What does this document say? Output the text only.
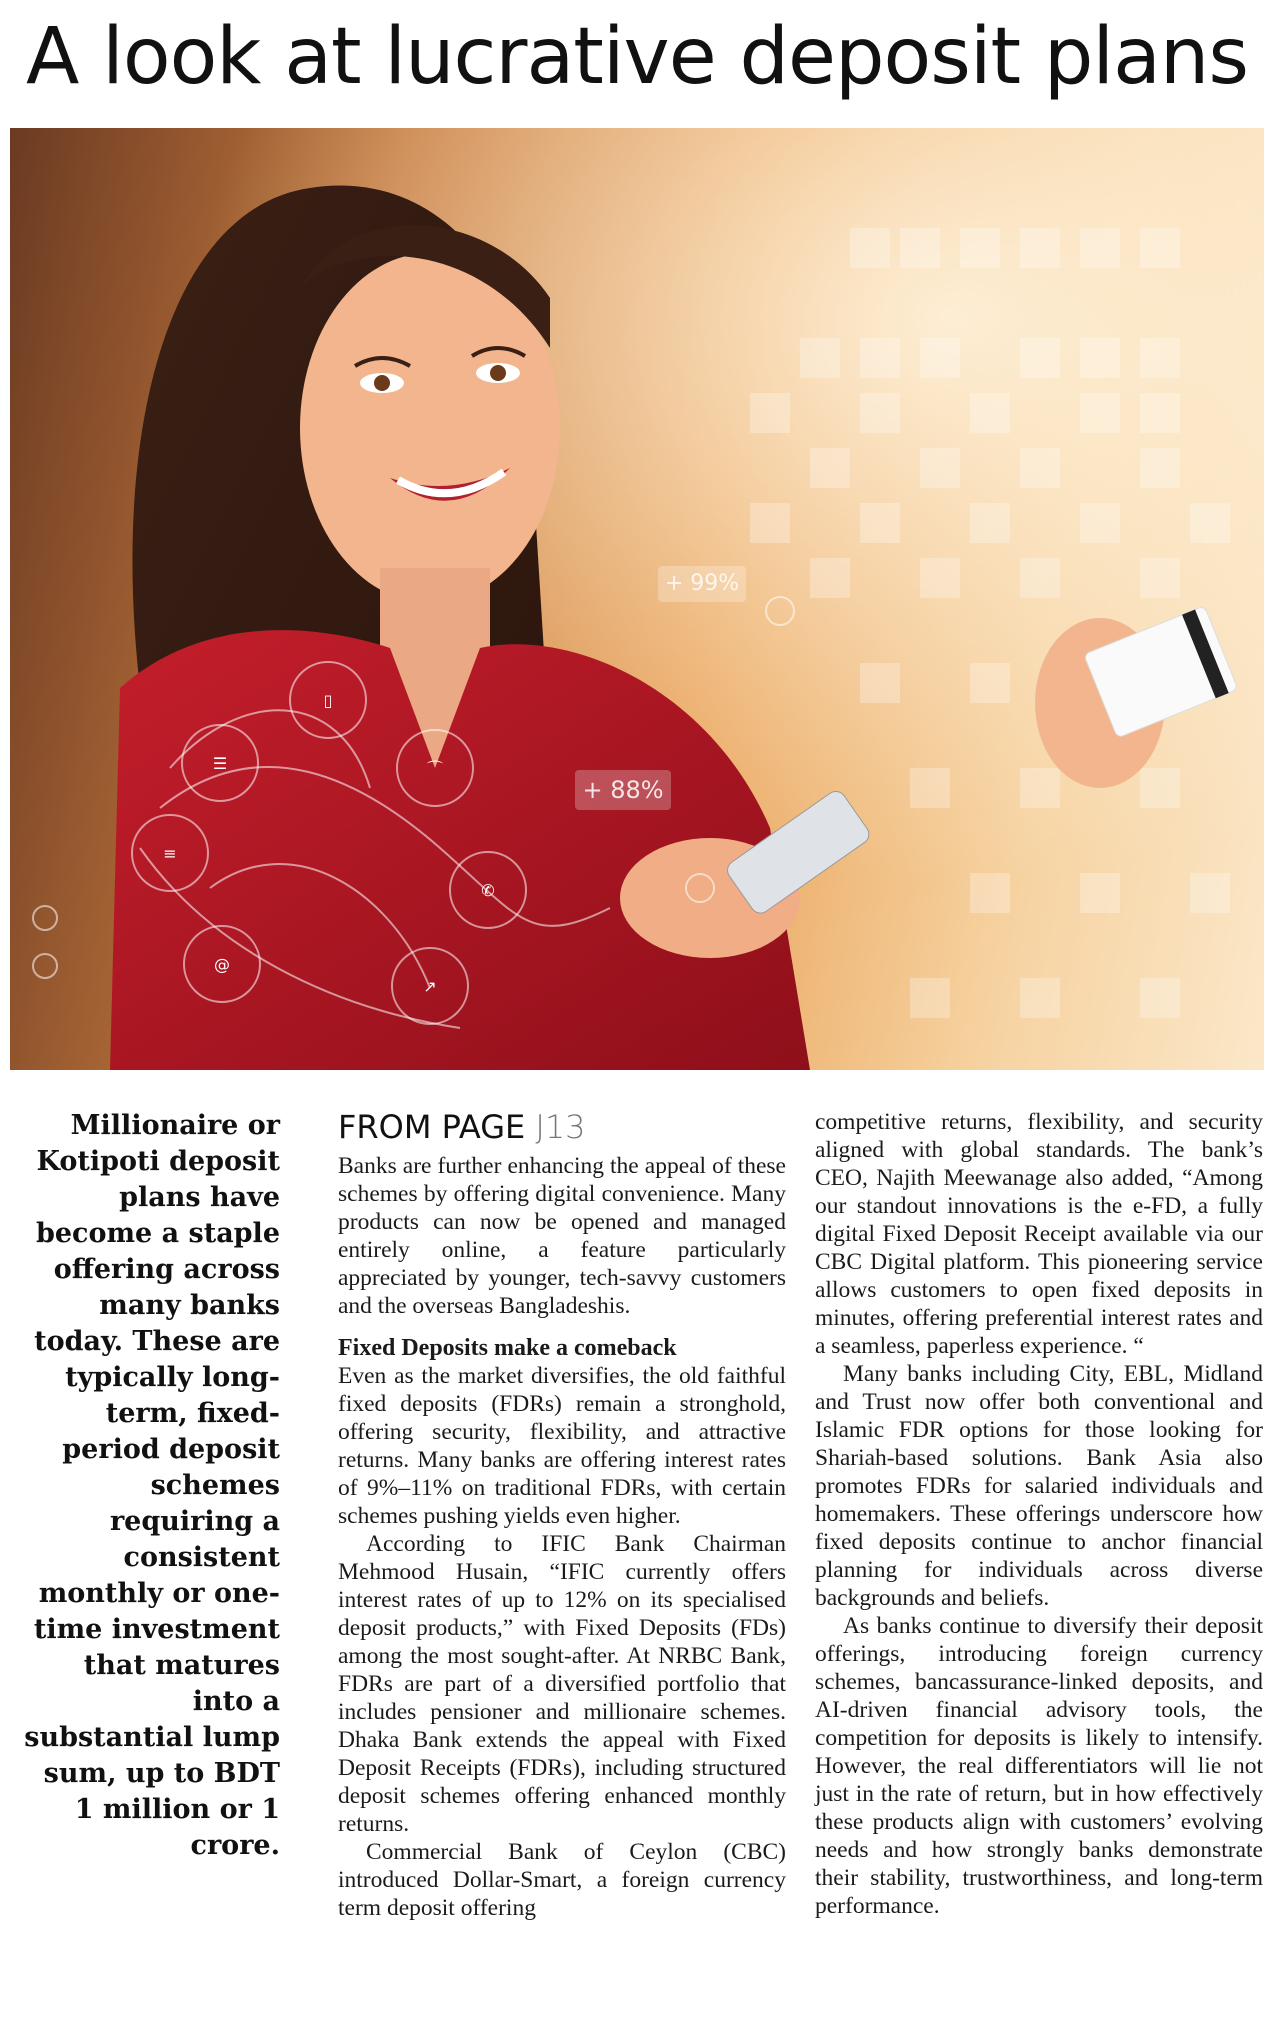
A look at lucrative deposit plans
☰
▯
⌒
≡
✆
@
↗
+ 99%
+ 88%
Millionaire or Kotipoti deposit plans have become a staple offering across many banks today. These are typically long-term, fixed-period deposit schemes requiring a consistent monthly or one-time investment that matures into a substantial lump sum, up to BDT 1 million or 1 crore.
FROM PAGE J13

Banks are further enhancing the appeal of these schemes by offering digital convenience. Many products can now be opened and managed entirely online, a feature particularly appreciated by younger, tech-savvy customers and the overseas Bangladeshis.

Fixed Deposits make a comeback

Even as the market diversifies, the old faithful fixed deposits (FDRs) remain a stronghold, offering security, flexibility, and attractive returns. Many banks are offering interest rates of 9%–11% on traditional FDRs, with certain schemes pushing yields even higher.

According to IFIC Bank Chairman Mehmood Husain, “IFIC currently offers interest rates of up to 12% on its specialised deposit products,” with Fixed Deposits (FDs) among the most sought-after. At NRBC Bank, FDRs are part of a diversified portfolio that includes pensioner and millionaire schemes. Dhaka Bank extends the appeal with Fixed Deposit Receipts (FDRs), including structured deposit schemes offering enhanced monthly returns.

Commercial Bank of Ceylon (CBC) introduced Dollar-Smart, a foreign currency term deposit offering

competitive returns, flexibility, and security aligned with global standards. The bank’s CEO, Najith Meewanage also added, “Among our standout innovations is the e-FD, a fully digital Fixed Deposit Receipt available via our CBC Digital platform. This pioneering service allows customers to open fixed deposits in minutes, offering preferential interest rates and a seamless, paperless experience. “

Many banks including City, EBL, Midland and Trust now offer both conventional and Islamic FDR options for those looking for Shariah-based solutions. Bank Asia also promotes FDRs for salaried individuals and homemakers. These offerings underscore how fixed deposits continue to anchor financial planning for individuals across diverse backgrounds and beliefs.

As banks continue to diversify their deposit offerings, introducing foreign currency schemes, bancassurance-linked deposits, and AI-driven financial advisory tools, the competition for deposits is likely to intensify. However, the real differentiators will lie not just in the rate of return, but in how effectively these products align with customers’ evolving needs and how strongly banks demonstrate their stability, trustworthiness, and long-term performance.
